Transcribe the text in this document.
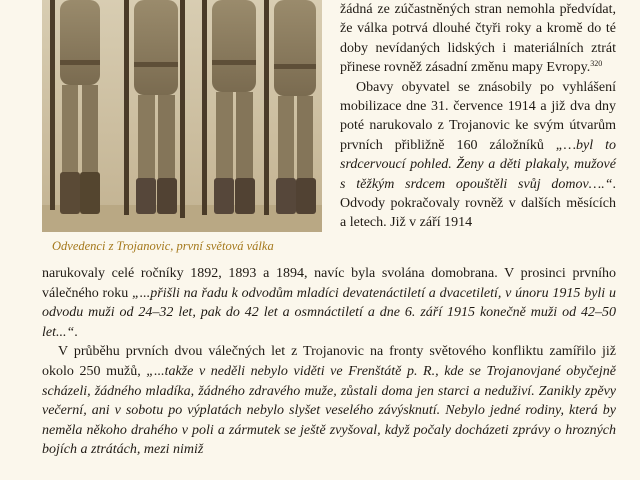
Odvedenci z Trojanovic, první světová válka

žádná ze zúčastněných stran nemohla předvídat, že válka potrvá dlouhé čtyři roky a kromě do té doby nevídaných lidských i materiálních ztrát přinese rovněž zásadní změnu mapy Evropy.$^{320}$

Obavy obyvatel se znásobily po vyhlášení mobilizace dne 31. července 1914 a již dva dny poté narukovalo z Trojanovic ke svým útvarům prvních přibližně 160 záložníků „…byl to srdcervoucí pohled. Ženy a děti plakaly, mužové s těžkým srdcem opouštěli svůj domov….“. Odvody pokračovaly rovněž v dalších měsících a letech. Již v září 1914

narukovaly celé ročníky 1892, 1893 a 1894, navíc byla svolána domobrana. V prosinci prvního válečného roku „...přišli na řadu k odvodům mladíci devatenáctiletí a dvacetiletí, v únoru 1915 byli u odvodu muži od 24–32 let, pak do 42 let a osmnáctiletí a dne 6. září 1915 konečně muži od 42–50 let...“.

V průběhu prvních dvou válečných let z Trojanovic na fronty světového konfliktu zamířilo již okolo 250 mužů, „...takže v neděli nebylo viděti ve Frenštátě p. R., kde se Trojanovjané obyčejně scházeli, žádného mladíka, žádného zdravého muže, zůstali doma jen starci a neduživí. Zanikly zpěvy večerní, ani v sobotu po výplatách nebylo slyšet veselého závýsknutí. Nebylo jedné rodiny, která by neměla někoho drahého v poli a zármutek se ještě zvyšoval, když počaly docházeti zprávy o hrozných bojích a ztrátách, mezi nimiž
